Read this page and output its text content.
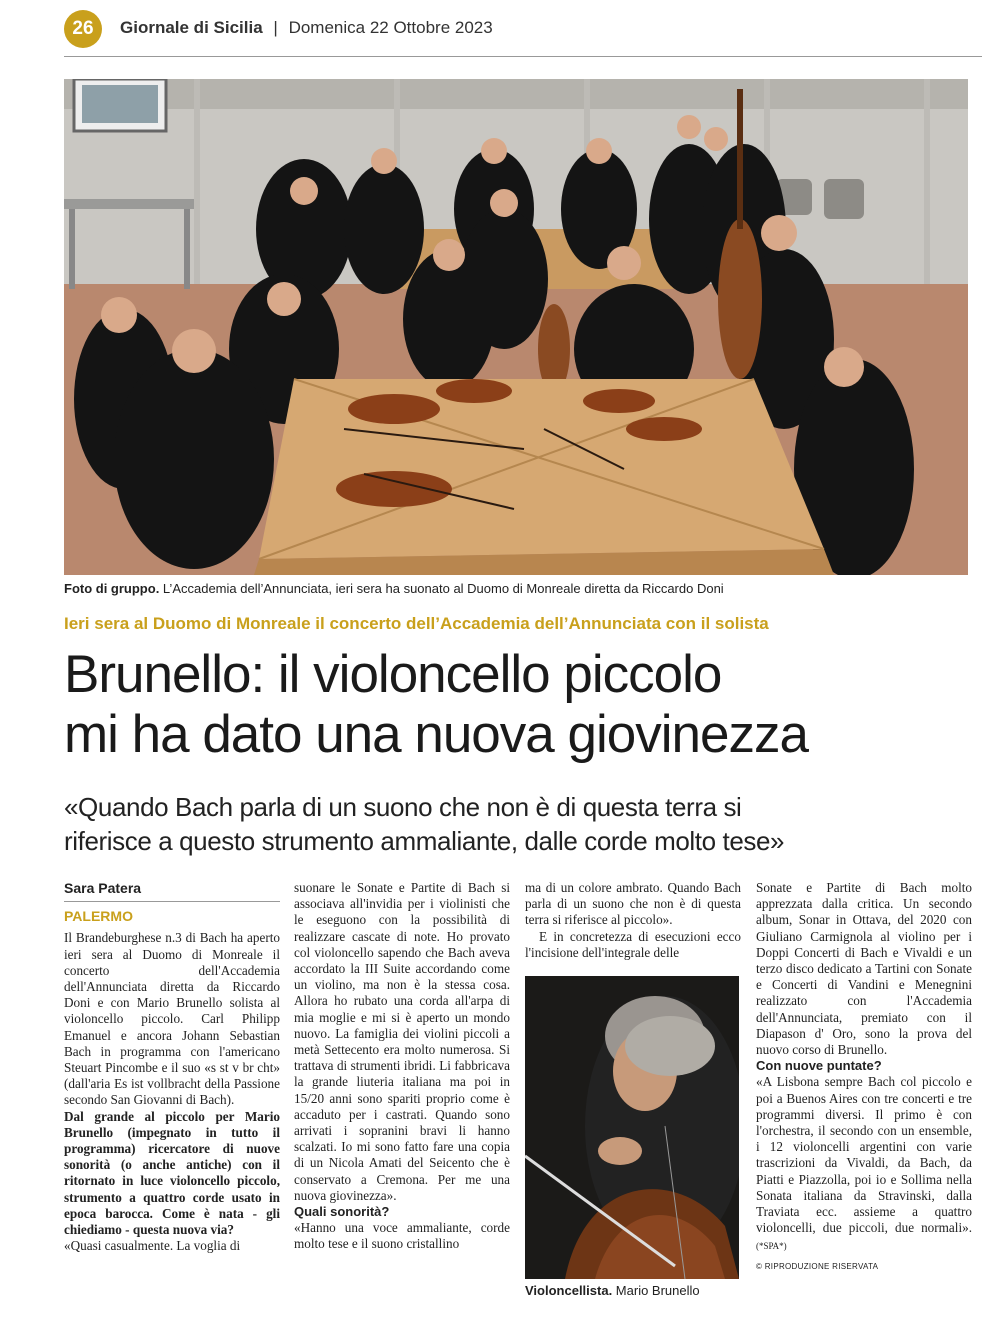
26	Giornale di Sicilia | Domenica 22 Ottobre 2023
Foto di gruppo. L’Accademia dell’Annunciata, ieri sera ha suonato al Duomo di Monreale diretta da Riccardo Doni
Ieri sera al Duomo di Monreale il concerto dell’Accademia dell’Annunciata con il solista
Brunello: il violoncello piccolo
mi ha dato una nuova giovinezza
«Quando Bach parla di un suono che non è di questa terra si
riferisce a questo strumento ammaliante, dalle corde molto tese»
Sara Patera
PALERMO

Il Brandeburghese n.3 di Bach ha aperto ieri sera al Duomo di Monreale il concerto dell'Accademia dell'Annunciata diretta da Riccardo Doni e con Mario Brunello solista al violoncello piccolo. Carl Philipp Emanuel e ancora Johann Sebastian Bach in programma con l'americano Steuart Pincombe e il suo «s st v br cht» (dall'aria Es ist vollbracht della Passione secondo San Giovanni di Bach).

Dal grande al piccolo per Mario Brunello (impegnato in tutto il programma) ricercatore di nuove sonorità (o anche antiche) con il ritornato in luce violoncello piccolo, strumento a quattro corde usato in epoca barocca. Come è nata - gli chiediamo - questa nuova via?

«Quasi casualmente. La voglia di

suonare le Sonate e Partite di Bach si associava all'invidia per i violinisti che le eseguono con la possibilità di realizzare cascate di note. Ho provato col violoncello sapendo che Bach aveva accordato la III Suite accordando come un violino, ma non è la stessa cosa. Allora ho rubato una corda all'arpa di mia moglie e mi si è aperto un mondo nuovo. La famiglia dei violini piccoli a metà Settecento era molto numerosa. Si trattava di strumenti ibridi. Li fabbricava la grande liuteria italiana ma poi in 15/20 anni sono spariti proprio come è accaduto per i castrati. Quando sono arrivati i sopranini bravi li hanno scalzati. Io mi sono fatto fare una copia di un Nicola Amati del Seicento che è conservato a Cremona. Per me una nuova giovinezza».

Quali sonorità?

«Hanno una voce ammaliante, corde molto tese e il suono cristallino

ma di un colore ambrato. Quando Bach parla di un suono che non è di questa terra si riferisce al piccolo».

E in concretezza di esecuzioni ecco l'incisione dell'integrale delle

Violoncellista. Mario Brunello

Sonate e Partite di Bach molto apprezzata dalla critica. Un secondo album, Sonar in Ottava, del 2020 con Giuliano Carmignola al violino per i Doppi Concerti di Bach e Vivaldi e un terzo disco dedicato a Tartini con Sonate e Concerti di Vandini e Menegnini realizzato con l'Accademia dell'Annunciata, premiato con il Diapason d' Oro, sono la prova del nuovo corso di Brunello.

Con nuove puntate?

«A Lisbona sempre Bach col piccolo e poi a Buenos Aires con tre concerti e tre programmi diversi. Il primo è con l'orchestra, il secondo con un ensemble, i 12 violoncelli argentini con varie trascrizioni da Vivaldi, da Bach, da Piatti e Piazzolla, poi io e Sollima nella Sonata italiana da Stravinski, dalla Traviata ecc. assieme a quattro violoncelli, due piccoli, due normali». (*SPA*)

© RIPRODUZIONE RISERVATA
